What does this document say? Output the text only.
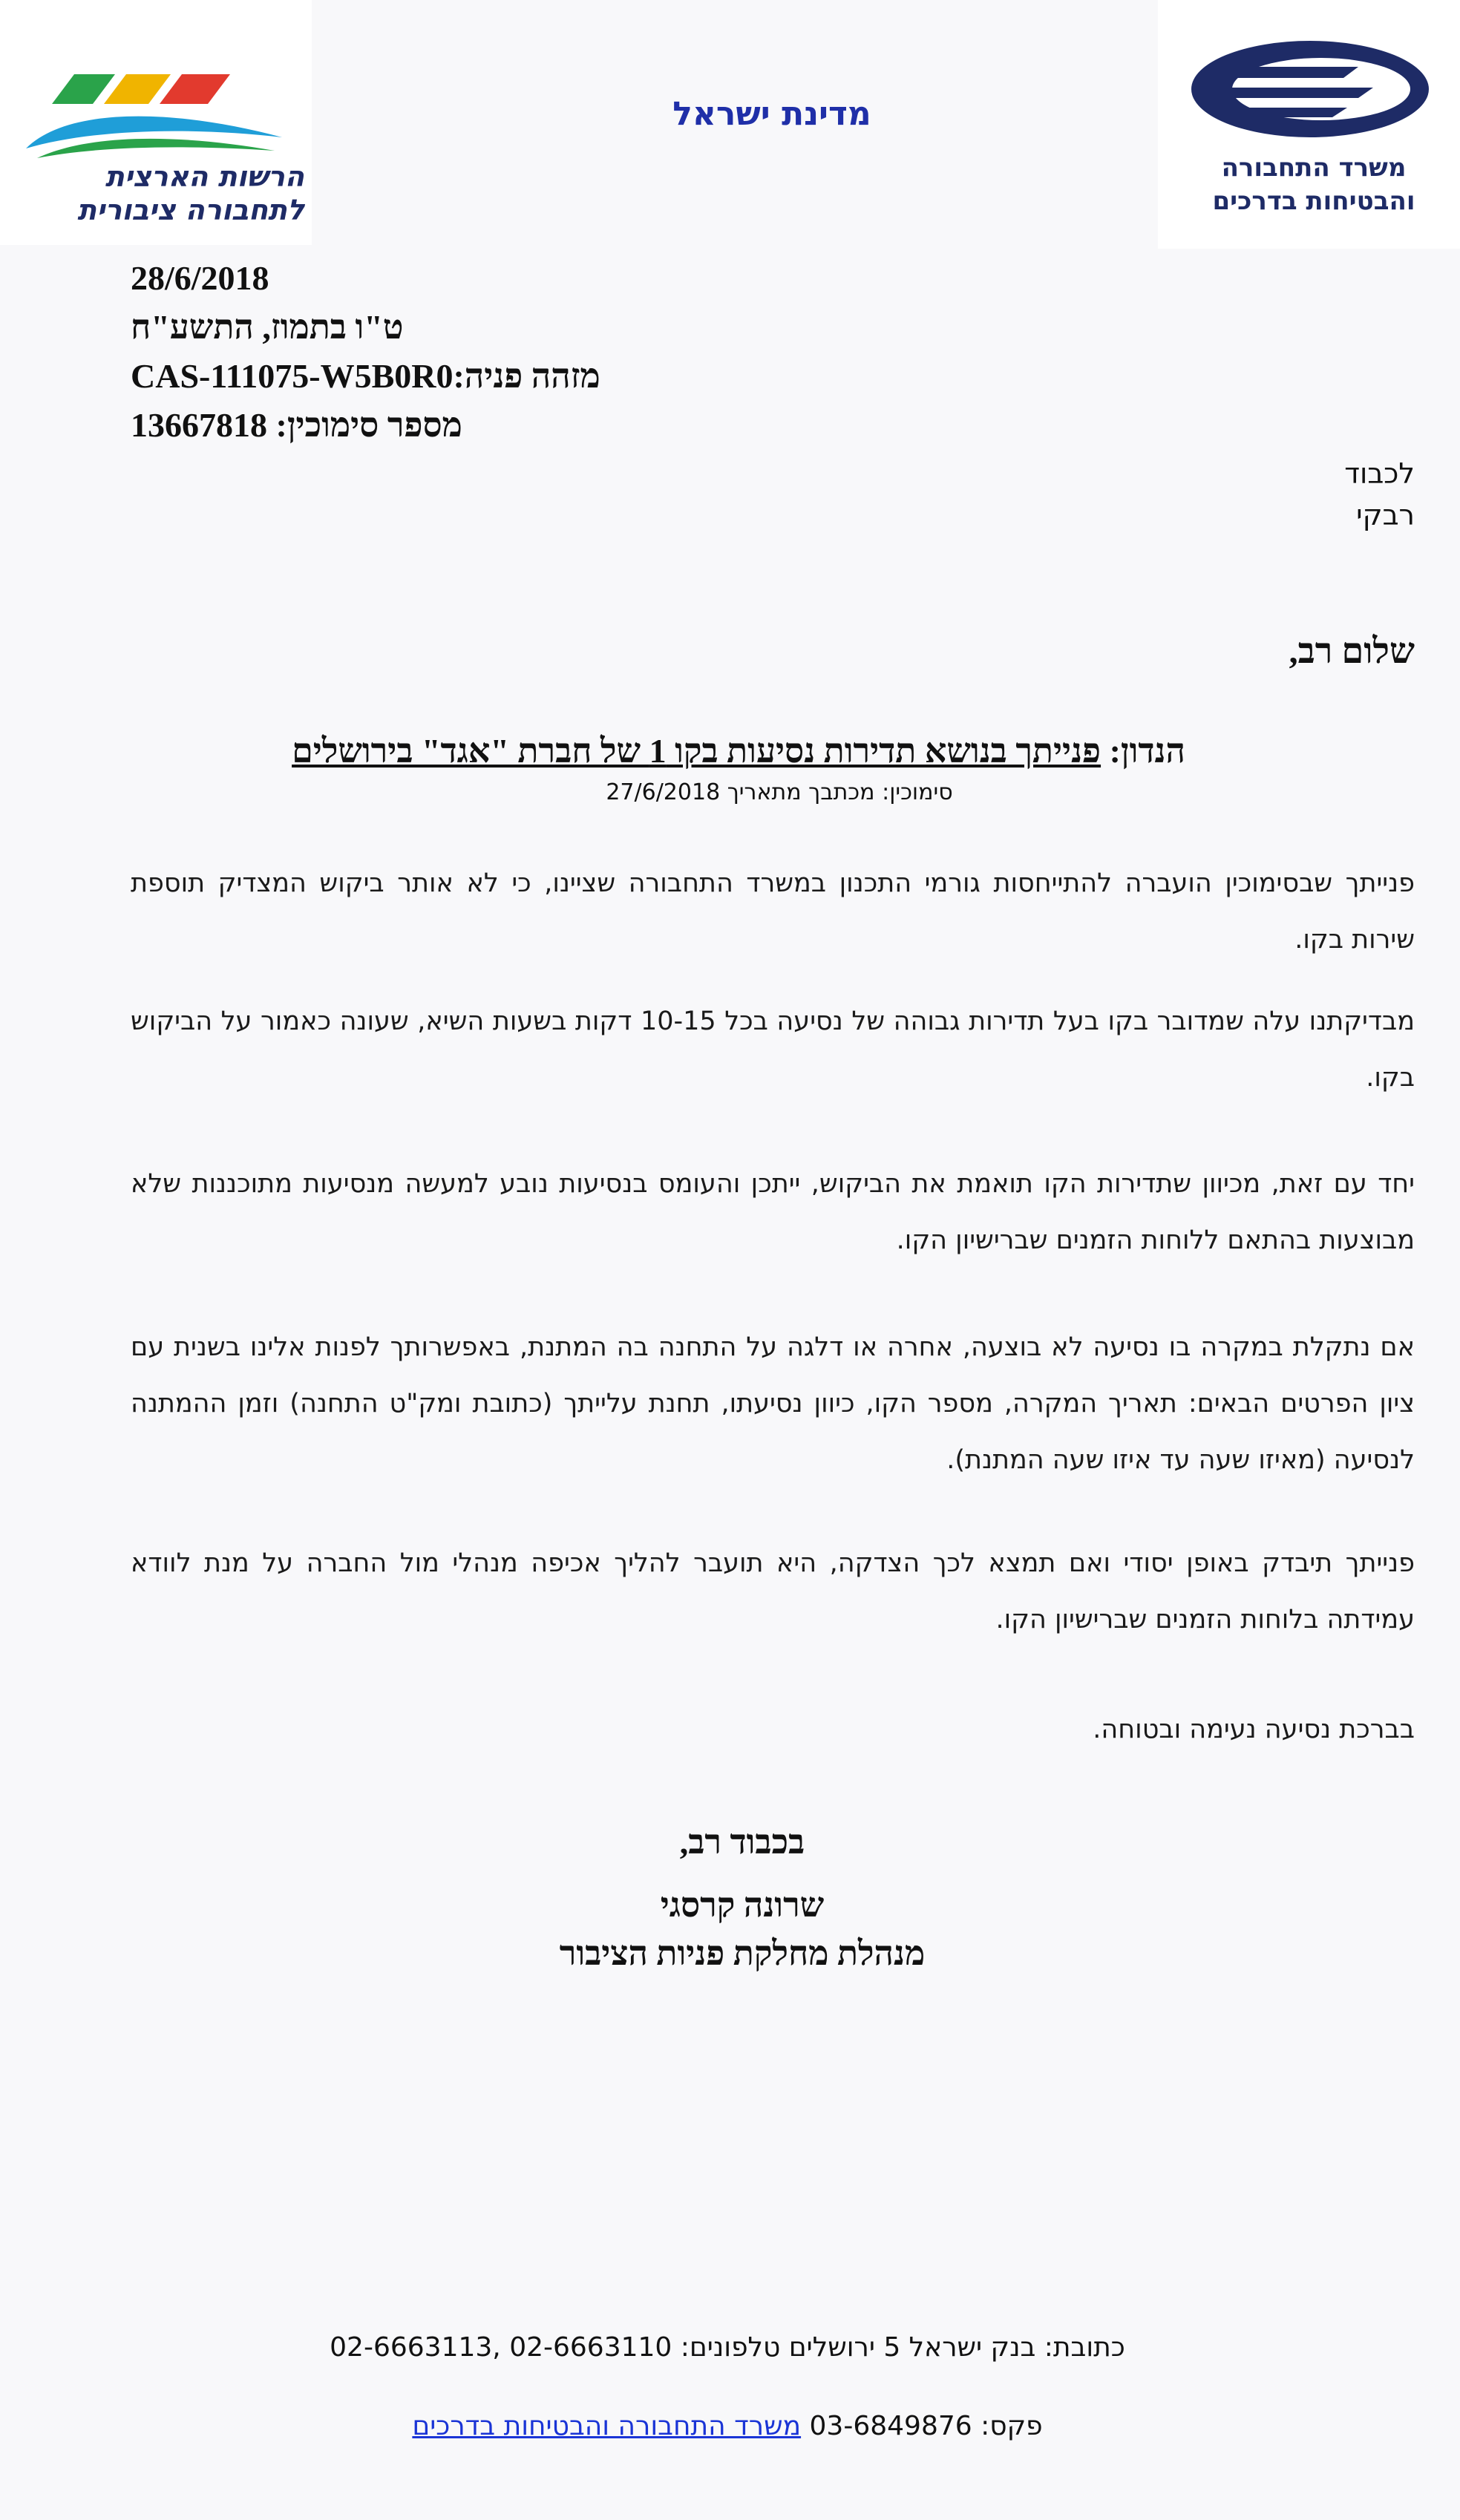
הרשות הארצית
לתחבורה ציבורית
מדינת ישראל
משרד התחבורה
והבטיחות בדרכים
28/6/2018
ט"ו בתמוז, התשע"ח
CAS-111075-W5B0R0מזהה פניה:
13667818 מספר סימוכין:
לכבוד
רבקי
שלום רב,
הנדון: פנייתך בנושא תדירות נסיעות בקו 1 של חברת "אגד" בירושלים
סימוכין: מכתבך מתאריך 27/6/2018
פנייתך שבסימוכין הועברה להתייחסות גורמי התכנון במשרד התחבורה שציינו, כי לא אותר ביקוש המצדיק תוספת שירות בקו.
מבדיקתנו עלה שמדובר בקו בעל תדירות גבוהה של נסיעה בכל 10-15 דקות בשעות השיא, שעונה כאמור על הביקוש בקו.
יחד עם זאת, מכיוון שתדירות הקו תואמת את הביקוש, ייתכן והעומס בנסיעות נובע למעשה מנסיעות מתוכננות שלא מבוצעות בהתאם ללוחות הזמנים שברישיון הקו.
אם נתקלת במקרה בו נסיעה לא בוצעה, אחרה או דלגה על התחנה בה המתנת, באפשרותך לפנות אלינו בשנית עם ציון הפרטים הבאים: תאריך המקרה, מספר הקו, כיוון נסיעתו, תחנת עלייתך (כתובת ומק"ט התחנה) וזמן ההמתנה לנסיעה (מאיזו שעה עד איזו שעה המתנת).
פנייתך תיבדק באופן יסודי ואם תמצא לכך הצדקה, היא תועבר להליך אכיפה מנהלי מול החברה על מנת לוודא עמידתה בלוחות הזמנים שברישיון הקו.
בברכת נסיעה נעימה ובטוחה.
בכבוד רב,
שרונה קרסגי
מנהלת מחלקת פניות הציבור
כתובת: בנק ישראל 5 ירושלים טלפונים: 02-6663110 ,02-6663113
פקס: 03-6849876 משרד התחבורה והבטיחות בדרכים
